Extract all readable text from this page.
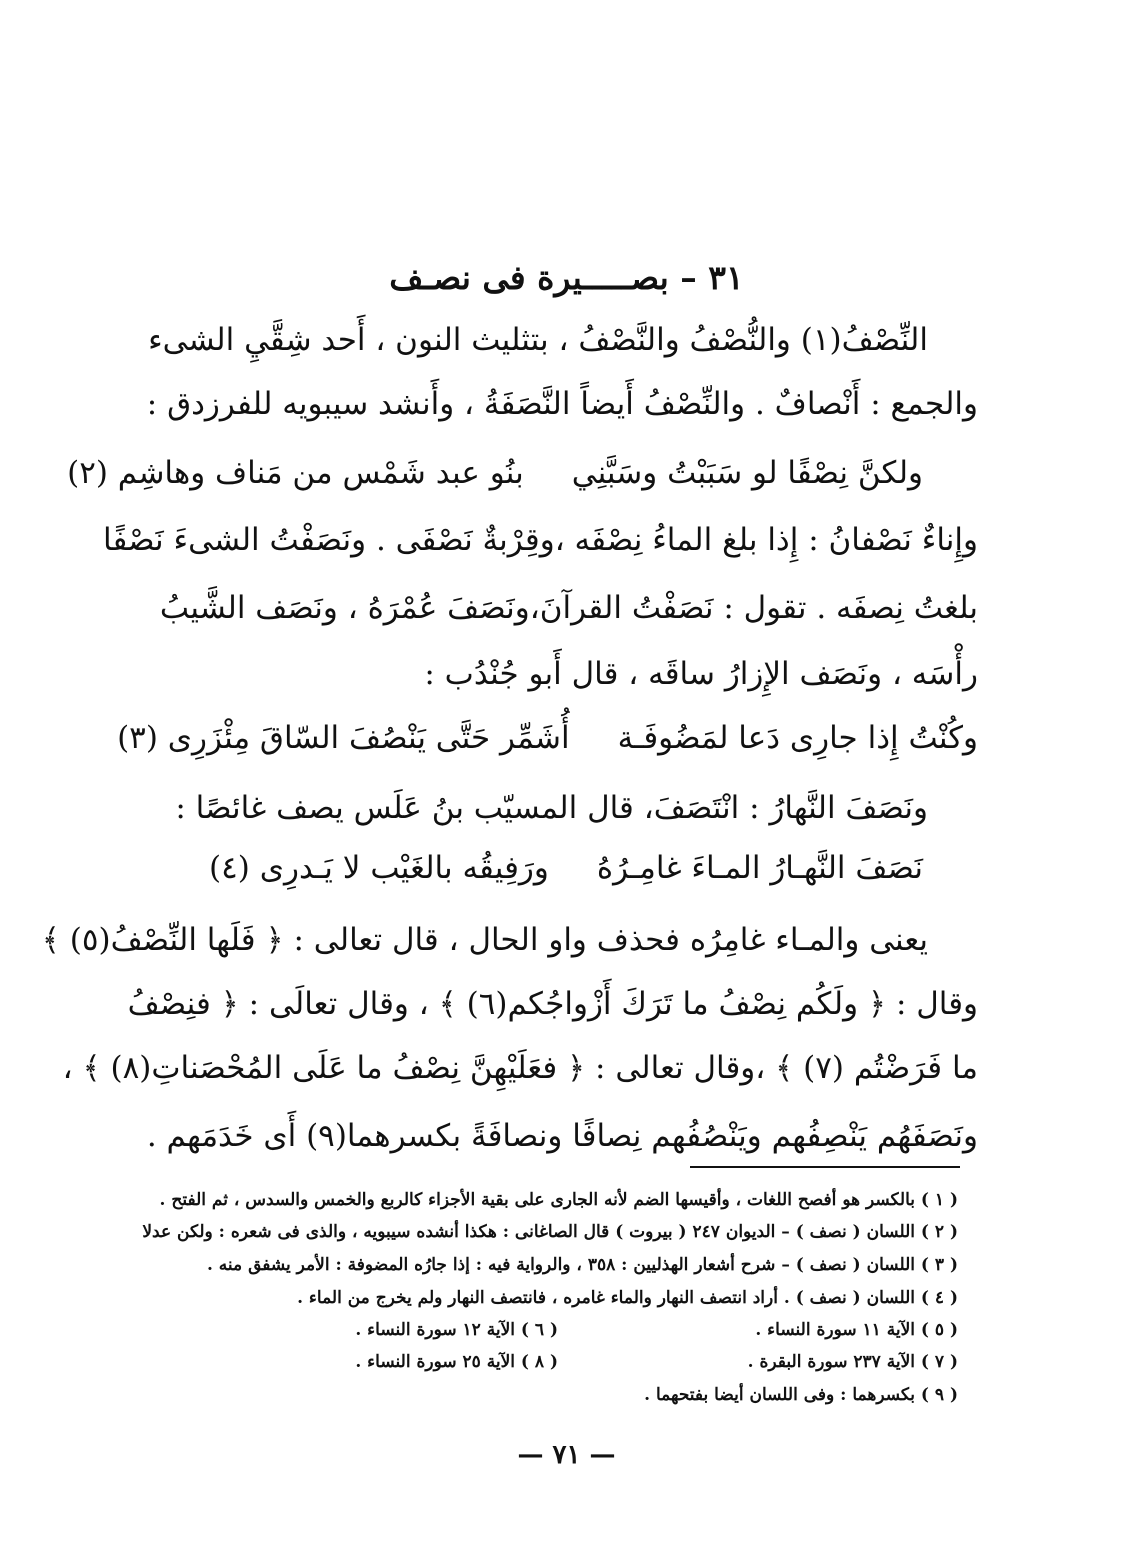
٣١ – بصـــــيرة فى نصـف
النِّصْفُ(١) والنُّصْفُ والنَّصْفُ ، بتثليث النون ، أَحد شِقَّيِ الشىء
والجمع : أَنْصافٌ . والنِّصْفُ أَيضاً النَّصَفَةُ ، وأَنشد سيبويه للفرزدق :
ولكنَّ نِصْفًا لو سَبَبْتُ وسَبَّنِي
بنُو عبد شَمْس من مَناف وهاشِم (٢)
وإِناءٌ نَصْفانُ : إِذا بلغ الماءُ نِصْفَه ،وقِرْبةٌ نَصْفَى . ونَصَفْتُ الشىءَ نَصْفًا
بلغتُ نِصفَه . تقول : نَصَفْتُ القرآنَ،ونَصَفَ عُمْرَهُ ، ونَصَف الشَّيبُ
رأْسَه ، ونَصَف الإِزارُ ساقَه ، قال أَبو جُنْدُب :
وكُنْتُ إِذا جارِى دَعا لمَضُوفَـة
أُشَمِّر حَتَّى يَنْصُفَ السّاقَ مِئْزَرِى (٣)
ونَصَفَ النَّهارُ : انْتَصَفَ، قال المسيّب بنُ عَلَس يصف غائصًا :
نَصَفَ النَّهـارُ المـاءَ غامِـرُهُ
ورَفِيقُه بالغَيْب لا يَـدرِى (٤)
يعنى والمـاء غامِرُه فحذف واو الحال ، قال تعالى : ﴿ فَلَها النِّصْفُ(٥) ﴾
وقال : ﴿ ولَكُم نِصْفُ ما تَرَكَ أَزْواجُكم(٦) ﴾ ، وقال تعالَى : ﴿ فنِصْفُ
ما فَرَضْتُم (٧) ﴾ ،وقال تعالى : ﴿ فعَلَيْهِنَّ نِصْفُ ما عَلَى المُحْصَناتِ(٨) ﴾ ،
ونَصَفَهُم يَنْصِفُهم ويَنْصُفُهم نِصافًا ونصافَةً بكسرهما(٩) أَى خَدَمَهم .
( ١ ) بالكسر هو أفصح اللغات ، وأقيسها الضم لأنه الجارى على بقية الأجزاء كالربع والخمس والسدس ، ثم الفتح .
( ٢ ) اللسان ( نصف ) – الديوان ٢٤٧ ( بيروت ) قال الصاغانى : هكذا أنشده سيبويه ، والذى فى شعره : ولكن عدلا
( ٣ ) اللسان ( نصف ) – شرح أشعار الهذليين : ٣٥٨ ، والرواية فيه : إذا جارُه المضوفة : الأمر يشفق منه .
( ٤ ) اللسان ( نصف ) . أراد انتصف النهار والماء غامره ، فانتصف النهار ولم يخرج من الماء .
( ٥ ) الآية ١١ سورة النساء .
( ٦ ) الآية ١٢ سورة النساء .
( ٧ ) الآية ٢٣٧ سورة البقرة .
( ٨ ) الآية ٢٥ سورة النساء .
( ٩ ) بكسرهما : وفى اللسان أيضا بفتحهما .
— ٧١ —
